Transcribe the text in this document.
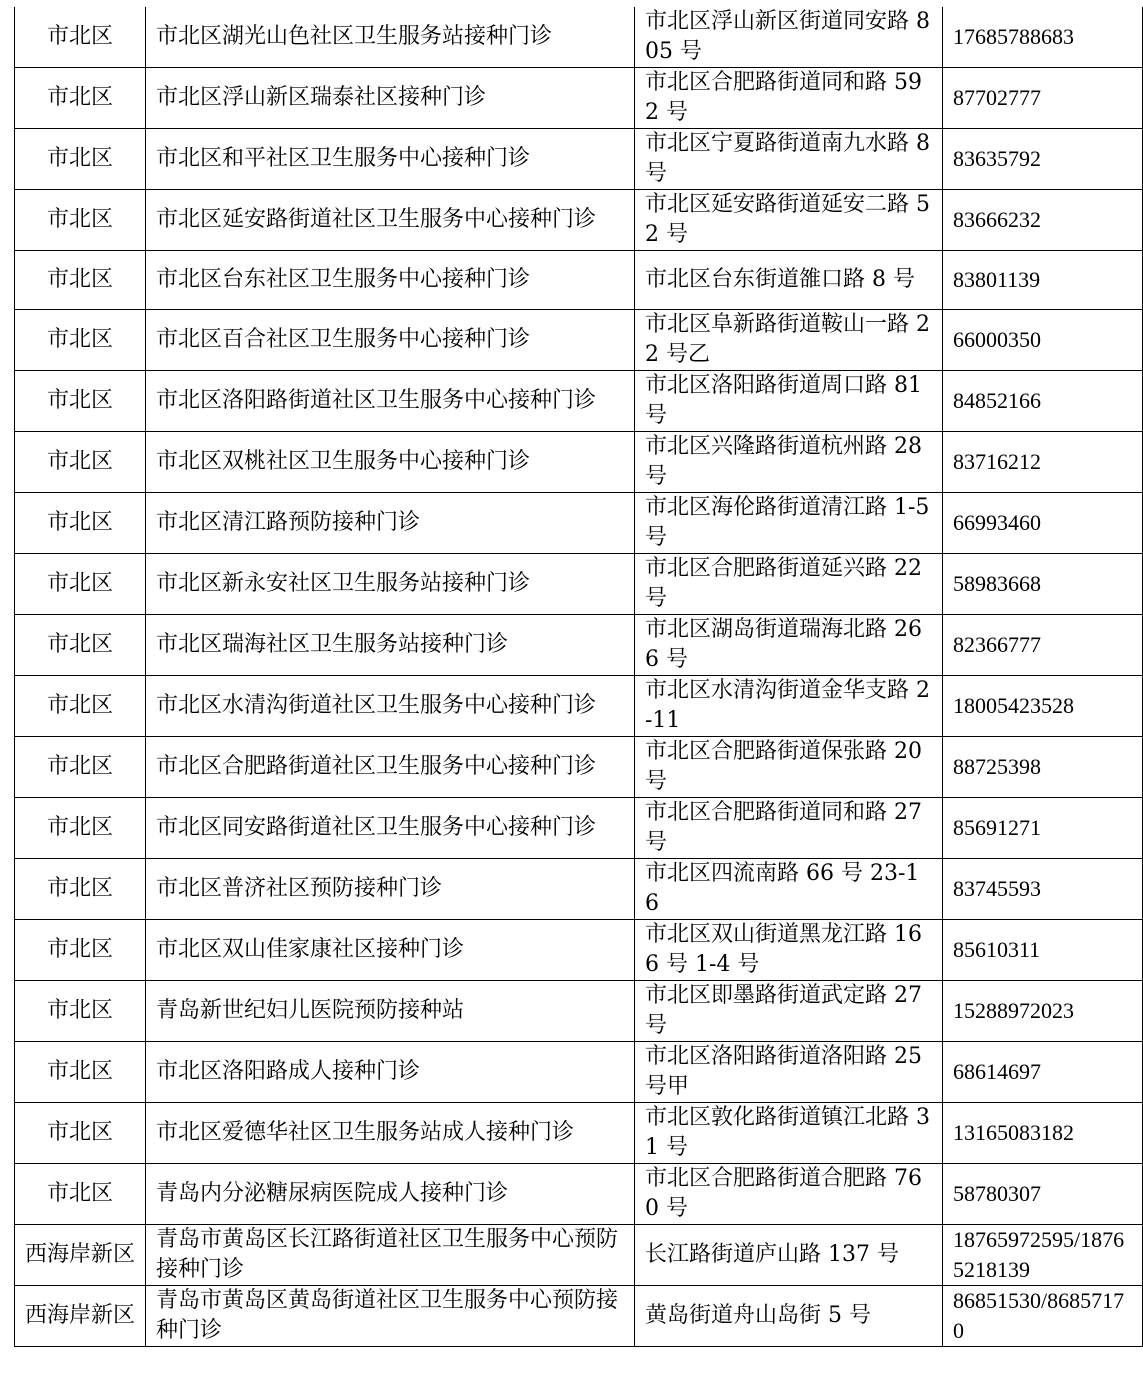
市北区	市北区湖光山色社区卫生服务站接种门诊	市北区浮山新区街道同安路 805 号	17685788683
市北区	市北区浮山新区瑞泰社区接种门诊	市北区合肥路街道同和路 592 号	87702777
市北区	市北区和平社区卫生服务中心接种门诊	市北区宁夏路街道南九水路 8 号	83635792
市北区	市北区延安路街道社区卫生服务中心接种门诊	市北区延安路街道延安二路 52 号	83666232
市北区	市北区台东社区卫生服务中心接种门诊	市北区台东街道雒口路 8 号	83801139
市北区	市北区百合社区卫生服务中心接种门诊	市北区阜新路街道鞍山一路 22 号乙	66000350
市北区	市北区洛阳路街道社区卫生服务中心接种门诊	市北区洛阳路街道周口路 81 号	84852166
市北区	市北区双桃社区卫生服务中心接种门诊	市北区兴隆路街道杭州路 28 号	83716212
市北区	市北区清江路预防接种门诊	市北区海伦路街道清江路 1-5 号	66993460
市北区	市北区新永安社区卫生服务站接种门诊	市北区合肥路街道延兴路 22 号	58983668
市北区	市北区瑞海社区卫生服务站接种门诊	市北区湖岛街道瑞海北路 266 号	82366777
市北区	市北区水清沟街道社区卫生服务中心接种门诊	市北区水清沟街道金华支路 2-11	18005423528
市北区	市北区合肥路街道社区卫生服务中心接种门诊	市北区合肥路街道保张路 20 号	88725398
市北区	市北区同安路街道社区卫生服务中心接种门诊	市北区合肥路街道同和路 27 号	85691271
市北区	市北区普济社区预防接种门诊	市北区四流南路 66 号 23-16	83745593
市北区	市北区双山佳家康社区接种门诊	市北区双山街道黑龙江路 166 号 1-4 号	85610311
市北区	青岛新世纪妇儿医院预防接种站	市北区即墨路街道武定路 27 号	15288972023
市北区	市北区洛阳路成人接种门诊	市北区洛阳路街道洛阳路 25 号甲	68614697
市北区	市北区爱德华社区卫生服务站成人接种门诊	市北区敦化路街道镇江北路 31 号	13165083182
市北区	青岛内分泌糖尿病医院成人接种门诊	市北区合肥路街道合肥路 760 号	58780307
西海岸新区	青岛市黄岛区长江路街道社区卫生服务中心预防接种门诊	长江路街道庐山路 137 号	18765972595/18765218139
西海岸新区	青岛市黄岛区黄岛街道社区卫生服务中心预防接种门诊	黄岛街道舟山岛街 5 号	86851530/86857170
